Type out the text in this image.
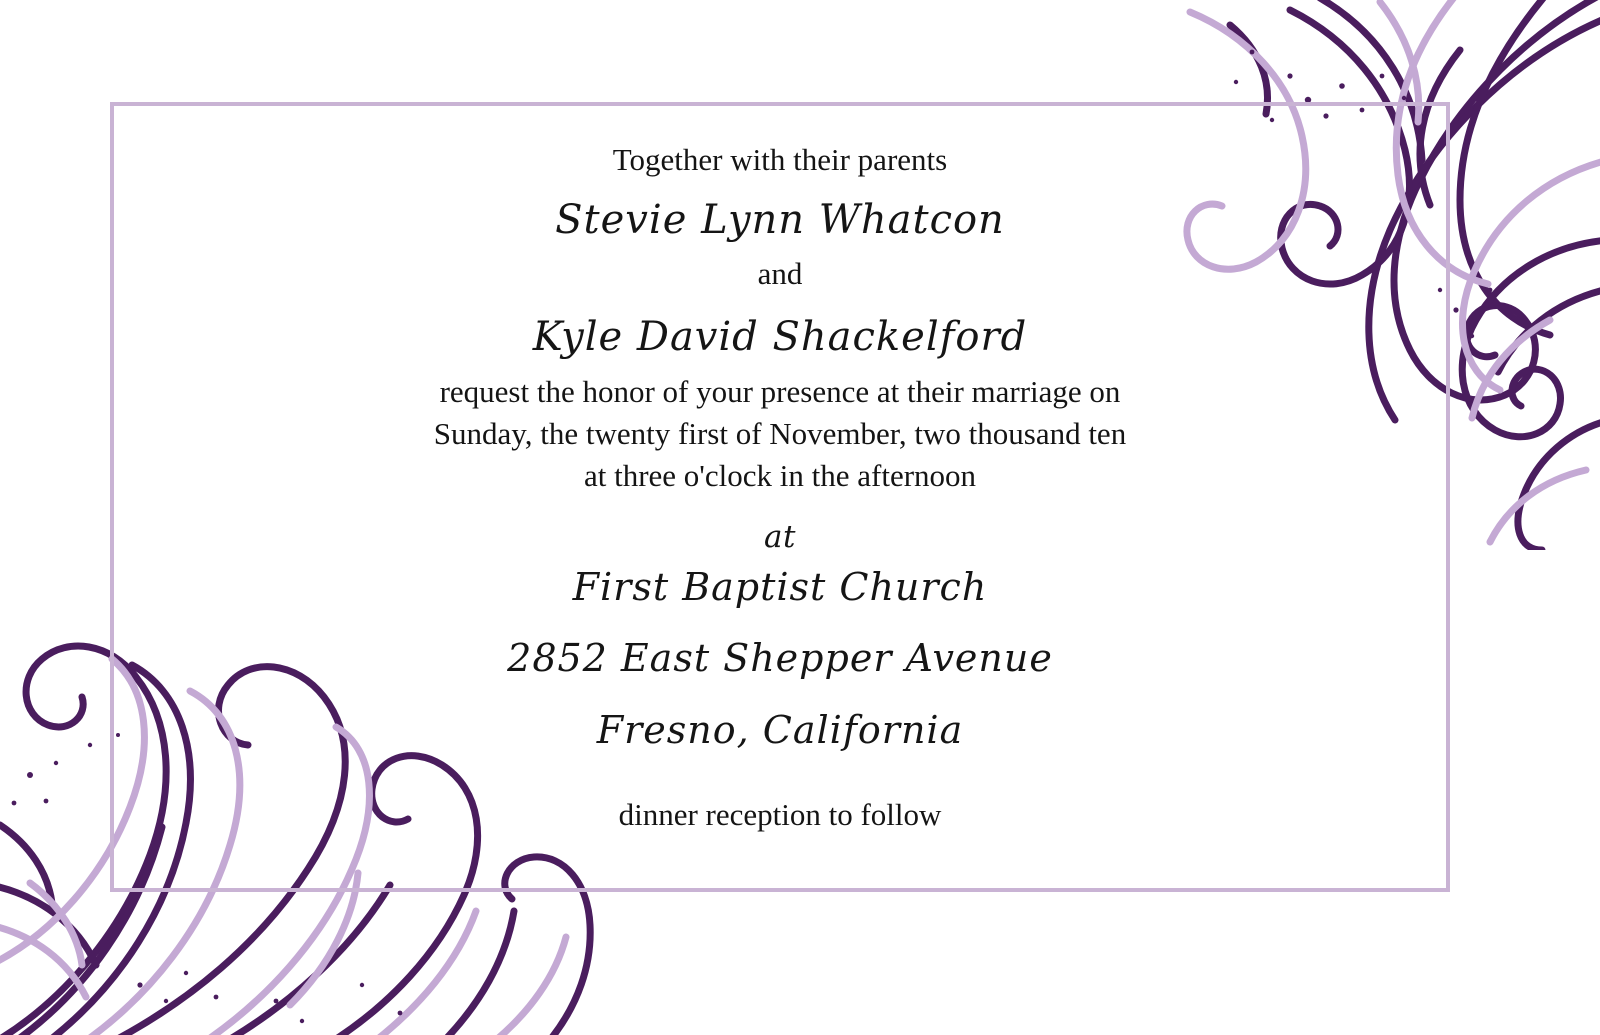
Together with their parents
Stevie Lynn Whatcon
and
Kyle David Shackelford
request the honor of your presence at their marriage on
Sunday, the twenty first of November, two thousand ten
at three o'clock in the afternoon
at
First Baptist Church
2852 East Shepper Avenue
Fresno, California
dinner reception to follow
